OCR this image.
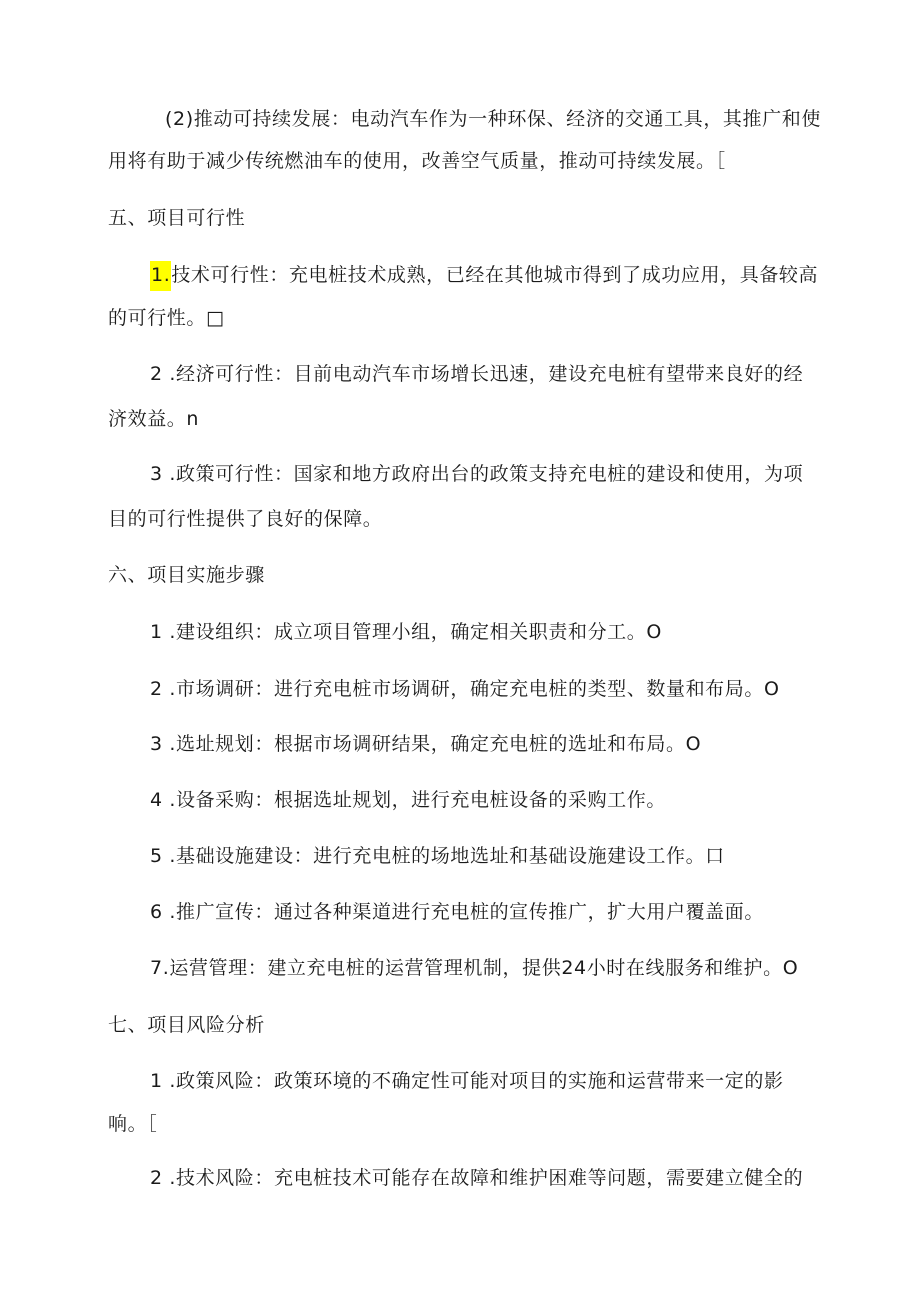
(2)推动可持续发展：电动汽车作为一种环保、经济的交通工具，其推广和使
用将有助于减少传统燃油车的使用，改善空气质量，推动可持续发展。［
五、项目可行性
1.技术可行性：充电桩技术成熟，已经在其他城市得到了成功应用，具备较高
的可行性。□
2 .经济可行性：目前电动汽车市场增长迅速，建设充电桩有望带来良好的经
济效益。n
3 .政策可行性：国家和地方政府出台的政策支持充电桩的建设和使用，为项
目的可行性提供了良好的保障。
六、项目实施步骤
1 .建设组织：成立项目管理小组，确定相关职责和分工。O
2 .市场调研：进行充电桩市场调研，确定充电桩的类型、数量和布局。O
3 .选址规划：根据市场调研结果，确定充电桩的选址和布局。O
4 .设备采购：根据选址规划，进行充电桩设备的采购工作。
5 .基础设施建设：进行充电桩的场地选址和基础设施建设工作。口
6 .推广宣传：通过各种渠道进行充电桩的宣传推广，扩大用户覆盖面。
7.运营管理：建立充电桩的运营管理机制，提供24小时在线服务和维护。O
七、项目风险分析
1 .政策风险：政策环境的不确定性可能对项目的实施和运营带来一定的影
响。［
2 .技术风险：充电桩技术可能存在故障和维护困难等问题，需要建立健全的
